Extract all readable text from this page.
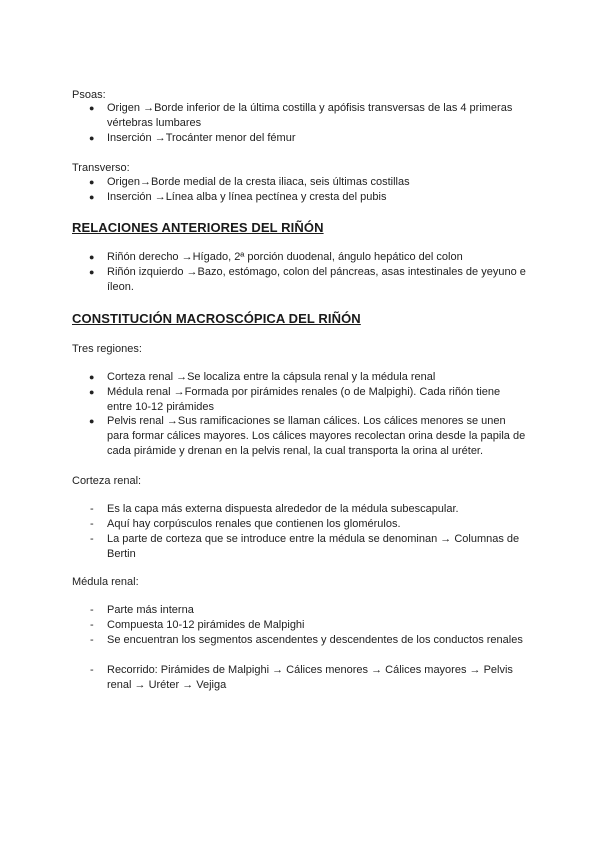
Psoas:
● Origen →Borde inferior de la última costilla y apófisis transversas de las 4 primeras vértebras lumbares
● Inserción →Trocánter menor del fémur
Transverso:
● Origen→Borde medial de la cresta iliaca, seis últimas costillas
● Inserción →Línea alba y línea pectínea y cresta del pubis
RELACIONES ANTERIORES DEL RIÑÓN
● Riñón derecho →Hígado, 2ª porción duodenal, ángulo hepático del colon
● Riñón izquierdo →Bazo, estómago, colon del páncreas, asas intestinales de yeyuno e íleon.
CONSTITUCIÓN MACROSCÓPICA DEL RIÑÓN
Tres regiones:
● Corteza renal →Se localiza entre la cápsula renal y la médula renal
● Médula renal →Formada por pirámides renales (o de Malpighi). Cada riñón tiene entre 10-12 pirámides
● Pelvis renal →Sus ramificaciones se llaman cálices. Los cálices menores se unen para formar cálices mayores. Los cálices mayores recolectan orina desde la papila de cada pirámide y drenan en la pelvis renal, la cual transporta la orina al uréter.
Corteza renal:
- Es la capa más externa dispuesta alrededor de la médula subescapular.
- Aquí hay corpúsculos renales que contienen los glomérulos.
- La parte de corteza que se introduce entre la médula se denominan → Columnas de Bertin
Médula renal:
- Parte más interna
- Compuesta 10-12 pirámides de Malpighi
- Se encuentran los segmentos ascendentes y descendentes de los conductos renales
- Recorrido: Pirámides de Malpighi → Cálices menores → Cálices mayores → Pelvis renal → Uréter → Vejiga
